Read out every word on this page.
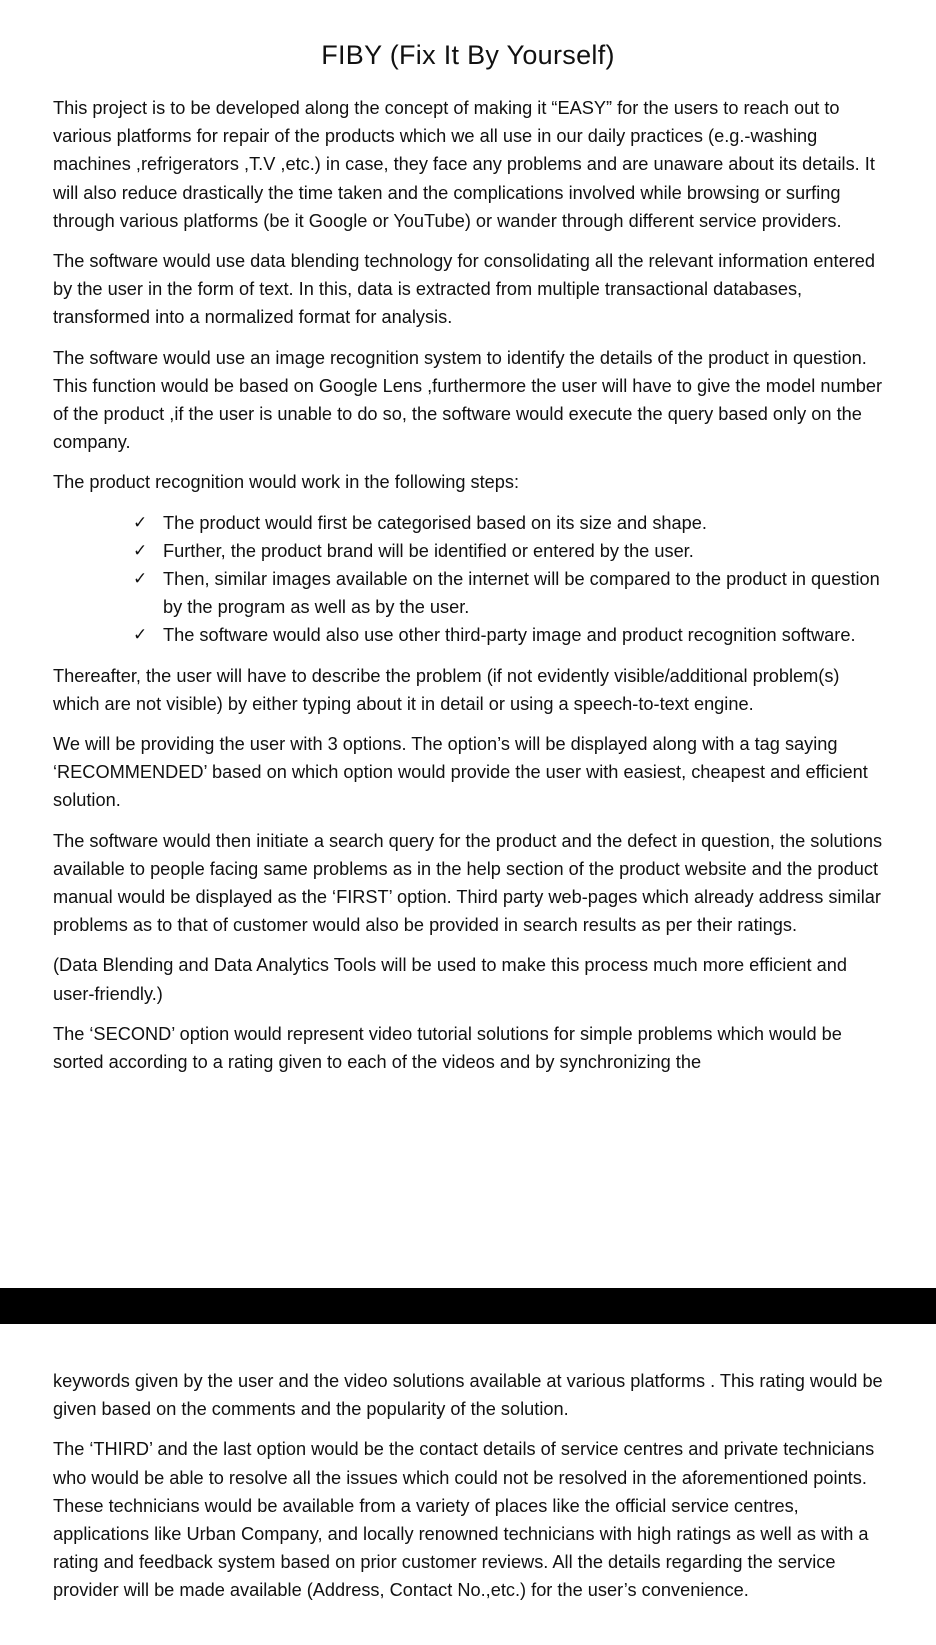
FIBY (Fix It By Yourself)

This project is to be developed along the concept of making it “EASY” for the users to reach out to various platforms for repair of the products which we all use in our daily practices (e.g.-washing machines ,refrigerators ,T.V ,etc.) in case, they face any problems and are unaware about its details. It will also reduce drastically the time taken and the complications involved while browsing or surfing through various platforms (be it Google or YouTube) or wander through different service providers.

The software would use data blending technology for consolidating all the relevant information entered by the user in the form of text. In this, data is extracted from multiple transactional databases, transformed into a normalized format for analysis.

The software would use an image recognition system to identify the details of the product in question. This function would be based on Google Lens ,furthermore the user will have to give the model number of the product ,if the user is unable to do so, the software would execute the query based only on the company.

The product recognition would work in the following steps:

✓ The product would first be categorised based on its size and shape.
✓ Further, the product brand will be identified or entered by the user.
✓ Then, similar images available on the internet will be compared to the product in question by the program as well as by the user.
✓ The software would also use other third-party image and product recognition software.

Thereafter, the user will have to describe the problem (if not evidently visible/additional problem(s) which are not visible) by either typing about it in detail or using a speech-to-text engine.

We will be providing the user with 3 options. The option’s will be displayed along with a tag saying ‘RECOMMENDED’ based on which option would provide the user with easiest, cheapest and efficient solution.

The software would then initiate a search query for the product and the defect in question, the solutions available to people facing same problems as in the help section of the product website and the product manual would be displayed as the ‘FIRST’ option. Third party web-pages which already address similar problems as to that of customer would also be provided in search results as per their ratings.

(Data Blending and Data Analytics Tools will be used to make this process much more efficient and user-friendly.)

The ‘SECOND’ option would represent video tutorial solutions for simple problems which would be sorted according to a rating given to each of the videos and by synchronizing the

keywords given by the user and the video solutions available at various platforms . This rating would be given based on the comments and the popularity of the solution.

The ‘THIRD’ and the last option would be the contact details of service centres and private technicians who would be able to resolve all the issues which could not be resolved in the aforementioned points. These technicians would be available from a variety of places like the official service centres, applications like Urban Company, and locally renowned technicians with high ratings as well as with a rating and feedback system based on prior customer reviews. All the details regarding the service provider will be made available (Address, Contact No.,etc.) for the user’s convenience.
